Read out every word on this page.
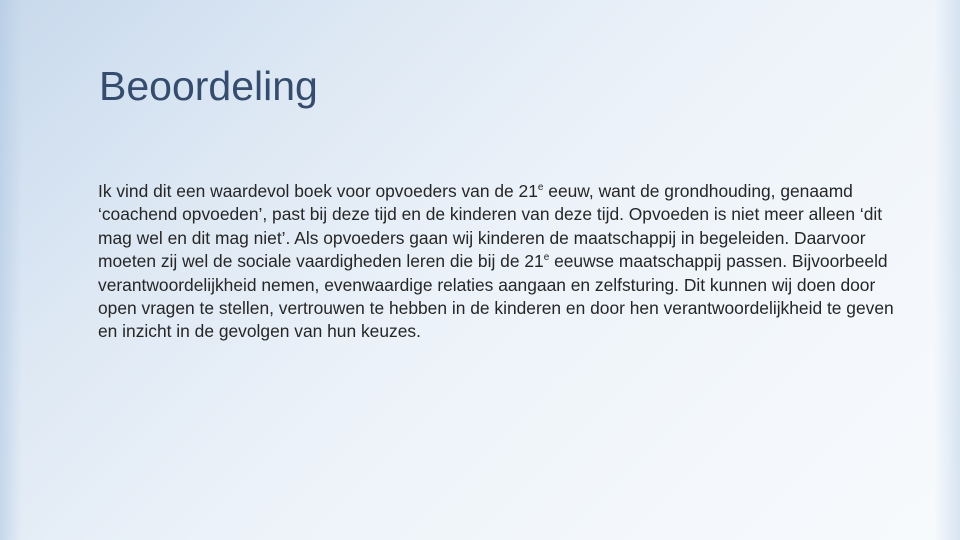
Beoordeling

Ik vind dit een waardevol boek voor opvoeders van de 21e eeuw, want de grondhouding, genaamd ‘coachend opvoeden’, past bij deze tijd en de kinderen van deze tijd. Opvoeden is niet meer alleen ‘dit mag wel en dit mag niet’. Als opvoeders gaan wij kinderen de maatschappij in begeleiden. Daarvoor moeten zij wel de sociale vaardigheden leren die bij de 21e eeuwse maatschappij passen. Bijvoorbeeld verantwoordelijkheid nemen, evenwaardige relaties aangaan en zelfsturing. Dit kunnen wij doen door open vragen te stellen, vertrouwen te hebben in de kinderen en door hen verantwoordelijkheid te geven en inzicht in de gevolgen van hun keuzes.
